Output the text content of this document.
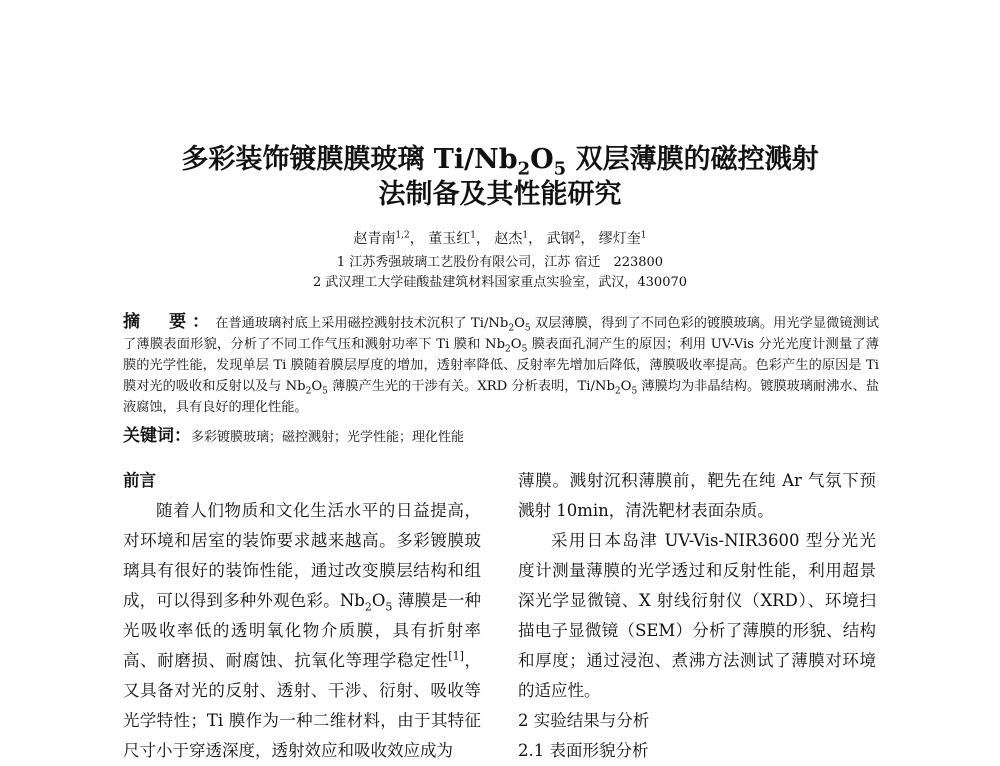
多彩装饰镀膜膜玻璃 $Ti/Nb_2O_5$ 双层薄膜的磁控溅射
法制备及其性能研究
赵青南$^{1,2}$， 董玉红$^1$， 赵杰$^1$， 武钢$^2$， 缪灯奎$^1$
1 江苏秀强玻璃工艺股份有限公司，江苏 宿迁　223800
2 武汉理工大学硅酸盐建筑材料国家重点实验室，武汉，430070
摘　要：在普通玻璃衬底上采用磁控溅射技术沉积了 $Ti/Nb_2O_5$ 双层薄膜，得到了不同色彩的镀膜玻璃。用光学显微镜测试了薄膜表面形貌，分析了不同工作气压和溅射功率下 Ti 膜和 $Nb_2O_5$ 膜表面孔洞产生的原因；利用 UV-Vis 分光光度计测量了薄膜的光学性能，发现单层 Ti 膜随着膜层厚度的增加，透射率降低、反射率先增加后降低，薄膜吸收率提高。色彩产生的原因是 Ti 膜对光的吸收和反射以及与 $Nb_2O_5$ 薄膜产生光的干涉有关。XRD 分析表明，$Ti/Nb_2O_5$ 薄膜均为非晶结构。镀膜玻璃耐沸水、盐液腐蚀，具有良好的理化性能。
关键词：多彩镀膜玻璃；磁控溅射；光学性能；理化性能
前言

随着人们物质和文化生活水平的日益提高，对环境和居室的装饰要求越来越高。多彩镀膜玻璃具有很好的装饰性能，通过改变膜层结构和组成，可以得到多种外观色彩。$Nb_2O_5$ 薄膜是一种光吸收率低的透明氧化物介质膜，具有折射率高、耐磨损、耐腐蚀、抗氧化等理学稳定性[1]，又具备对光的反射、透射、干涉、衍射、吸收等光学特性；Ti 膜作为一种二维材料，由于其特征尺寸小于穿透深度，透射效应和吸收效应成为

薄膜。溅射沉积薄膜前，靶先在纯 Ar 气氛下预溅射 10min，清洗靶材表面杂质。

采用日本岛津 UV-Vis-NIR3600 型分光光度计测量薄膜的光学透过和反射性能，利用超景深光学显微镜、X 射线衍射仪（XRD）、环境扫描电子显微镜（SEM）分析了薄膜的形貌、结构和厚度；通过浸泡、煮沸方法测试了薄膜对环境的适应性。

2 实验结果与分析
2.1 表面形貌分析
